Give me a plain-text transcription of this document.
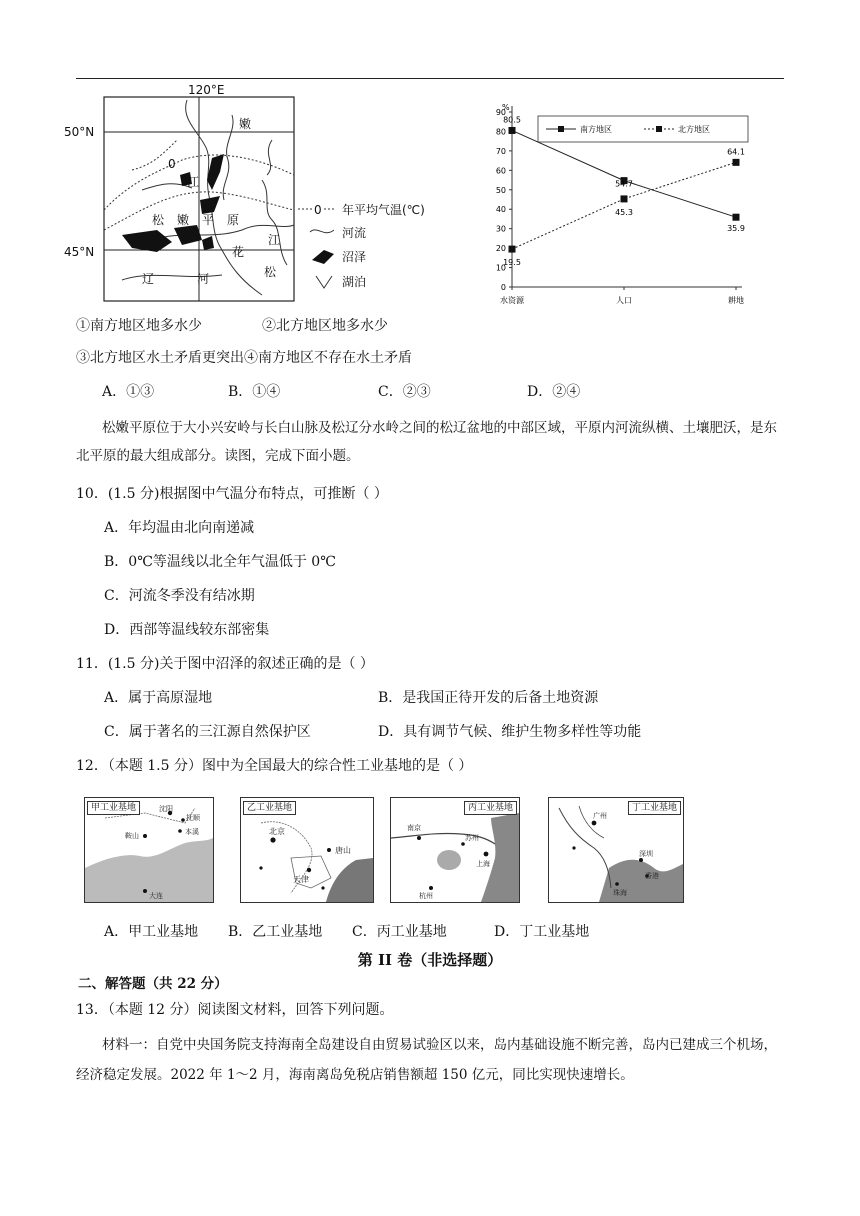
120°E
50°N
45°N
0
嫩
江
松 嫩 平 原
江
花
松
辽	河
0 年平均气温(℃)
河流
沼泽
湖泊
%
0
10
20
30
40
50
60
70
80
90
水资源	人口	耕地
80.5
54.7
35.9
19.5
45.3
64.1
南方地区	北方地区
①南方地区地多水少	②北方地区地多水少
③北方地区水土矛盾更突出④南方地区不存在水土矛盾
A．①③	B．①④	C．②③	D．②④
松嫩平原位于大小兴安岭与长白山脉及松辽分水岭之间的松辽盆地的中部区域，平原内河流纵横、土壤肥沃，是东北平原的最大组成部分。读图，完成下面小题。
10．(1.5 分)根据图中气温分布特点，可推断（ ）
A．年均温由北向南递减
B．0℃等温线以北全年气温低于 0℃
C．河流冬季没有结冰期
D．西部等温线较东部密集
11．(1.5 分)关于图中沼泽的叙述正确的是（ ）
A．属于高原湿地	B．是我国正待开发的后备土地资源
C．属于著名的三江源自然保护区	D．具有调节气候、维护生物多样性等功能
12．（本题 1.5 分）图中为全国最大的综合性工业基地的是（ ）
沈阳
抚顺
鞍山	本溪
大连
甲工业基地
北京
唐山
天津
乙工业基地
南京
苏州
上海
杭州
丙工业基地
广州
深圳
香港
珠海
丁工业基地
A．甲工业基地 B．乙工业基地 C．丙工业基地	D．丁工业基地
第 II 卷（非选择题）
二、解答题（共 22 分）
13．（本题 12 分）阅读图文材料，回答下列问题。
材料一：自党中央国务院支持海南全岛建设自由贸易试验区以来，岛内基础设施不断完善，岛内已建成三个机场，经济稳定发展。2022 年 1～2 月，海南离岛免税店销售额超 150 亿元，同比实现快速增长。
